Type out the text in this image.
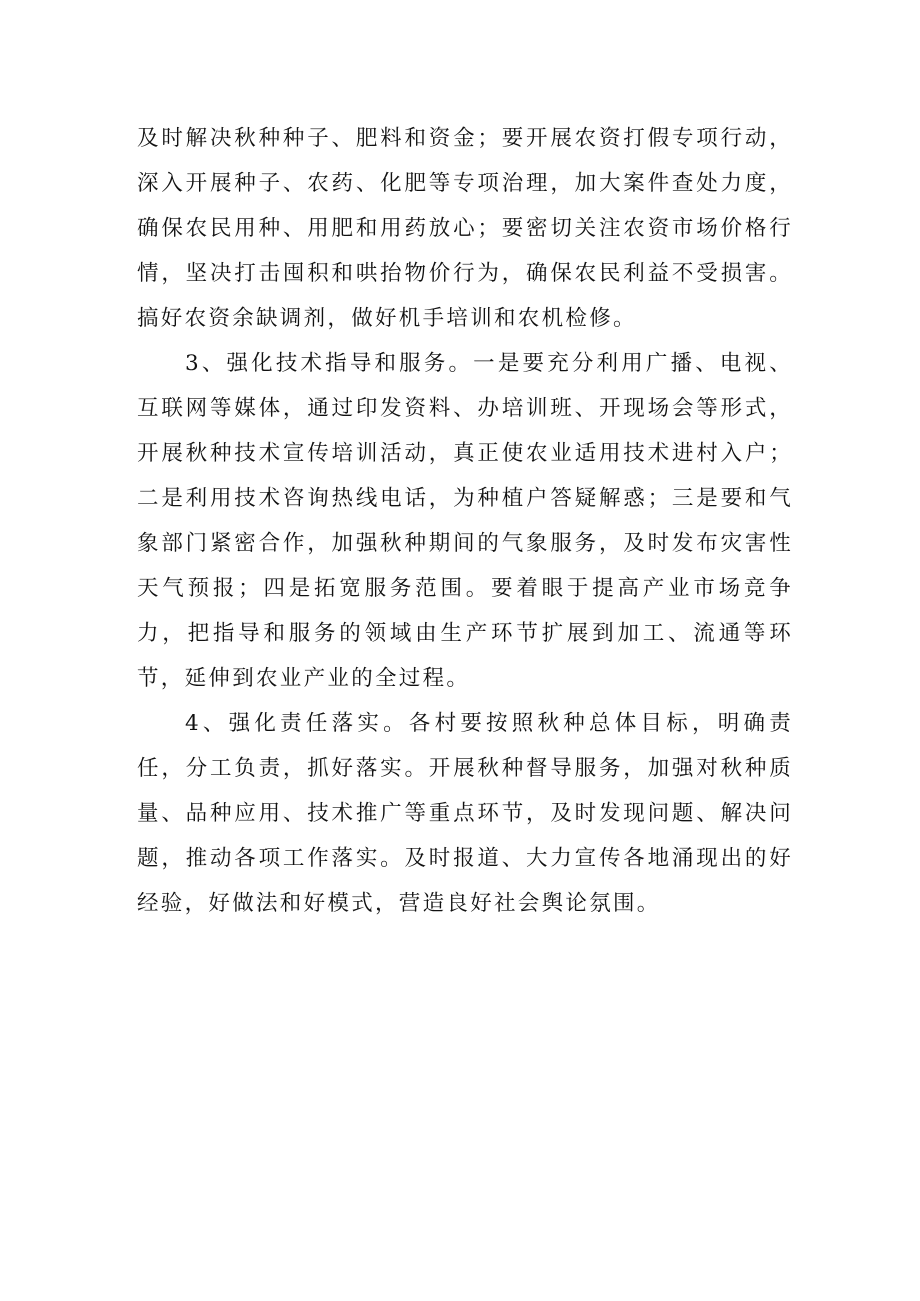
及时解决秋种种子、肥料和资金；要开展农资打假专项行动，深入开展种子、农药、化肥等专项治理，加大案件查处力度，确保农民用种、用肥和用药放心；要密切关注农资市场价格行情，坚决打击囤积和哄抬物价行为，确保农民利益不受损害。搞好农资余缺调剂，做好机手培训和农机检修。

3、强化技术指导和服务。一是要充分利用广播、电视、互联网等媒体，通过印发资料、办培训班、开现场会等形式，开展秋种技术宣传培训活动，真正使农业适用技术进村入户；二是利用技术咨询热线电话，为种植户答疑解惑；三是要和气象部门紧密合作，加强秋种期间的气象服务，及时发布灾害性天气预报；四是拓宽服务范围。要着眼于提高产业市场竞争力，把指导和服务的领域由生产环节扩展到加工、流通等环节，延伸到农业产业的全过程。

4、强化责任落实。各村要按照秋种总体目标，明确责任，分工负责，抓好落实。开展秋种督导服务，加强对秋种质量、品种应用、技术推广等重点环节，及时发现问题、解决问题，推动各项工作落实。及时报道、大力宣传各地涌现出的好经验，好做法和好模式，营造良好社会舆论氛围。
